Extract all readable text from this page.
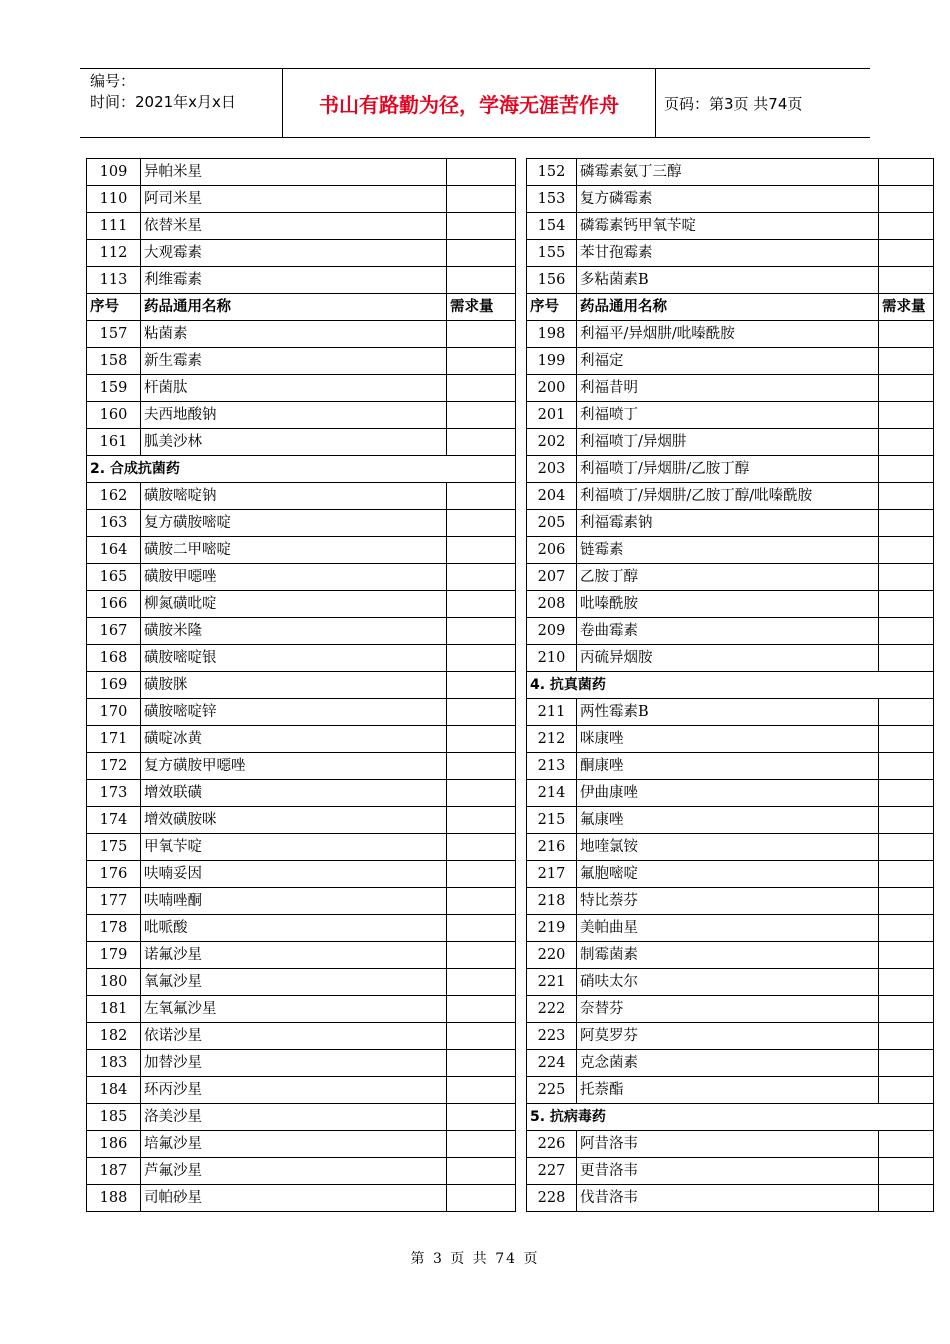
编号：
时间：2021年x月x日	书山有路勤为径，学海无涯苦作舟	页码：第3页 共74页
109	异帕米星	
110	阿司米星	
111	依替米星	
112	大观霉素	
113	利维霉素	
序号	药品通用名称	需求量
157	粘菌素	
158	新生霉素	
159	杆菌肽	
160	夫西地酸钠	
161	胍美沙林	
2. 合成抗菌药		
162	磺胺嘧啶钠	
163	复方磺胺嘧啶	
164	磺胺二甲嘧啶	
165	磺胺甲噁唑	
166	柳氮磺吡啶	
167	磺胺米隆	
168	磺胺嘧啶银	
169	磺胺脒	
170	磺胺嘧啶锌	
171	磺啶冰黄	
172	复方磺胺甲噁唑	
173	增效联磺	
174	增效磺胺咪	
175	甲氧苄啶	
176	呋喃妥因	
177	呋喃唑酮	
178	吡哌酸	
179	诺氟沙星	
180	氧氟沙星	
181	左氧氟沙星	
182	依诺沙星	
183	加替沙星	
184	环丙沙星	
185	洛美沙星	
186	培氟沙星	
187	芦氟沙星	
188	司帕砂星	
152	磷霉素氨丁三醇	
153	复方磷霉素	
154	磷霉素钙甲氧苄啶	
155	苯甘孢霉素	
156	多粘菌素B	
序号	药品通用名称	需求量
198	利福平/异烟肼/吡嗪酰胺	
199	利福定	
200	利福昔明	
201	利福喷丁	
202	利福喷丁/异烟肼	
203	利福喷丁/异烟肼/乙胺丁醇	
204	利福喷丁/异烟肼/乙胺丁醇/吡嗪酰胺	
205	利福霉素钠	
206	链霉素	
207	乙胺丁醇	
208	吡嗪酰胺	
209	卷曲霉素	
210	丙硫异烟胺	
4. 抗真菌药		
211	两性霉素B	
212	咪康唑	
213	酮康唑	
214	伊曲康唑	
215	氟康唑	
216	地喹氯铵	
217	氟胞嘧啶	
218	特比萘芬	
219	美帕曲星	
220	制霉菌素	
221	硝呋太尔	
222	奈替芬	
223	阿莫罗芬	
224	克念菌素	
225	托萘酯	
5. 抗病毒药		
226	阿昔洛韦	
227	更昔洛韦	
228	伐昔洛韦	
第 3 页 共 74 页
